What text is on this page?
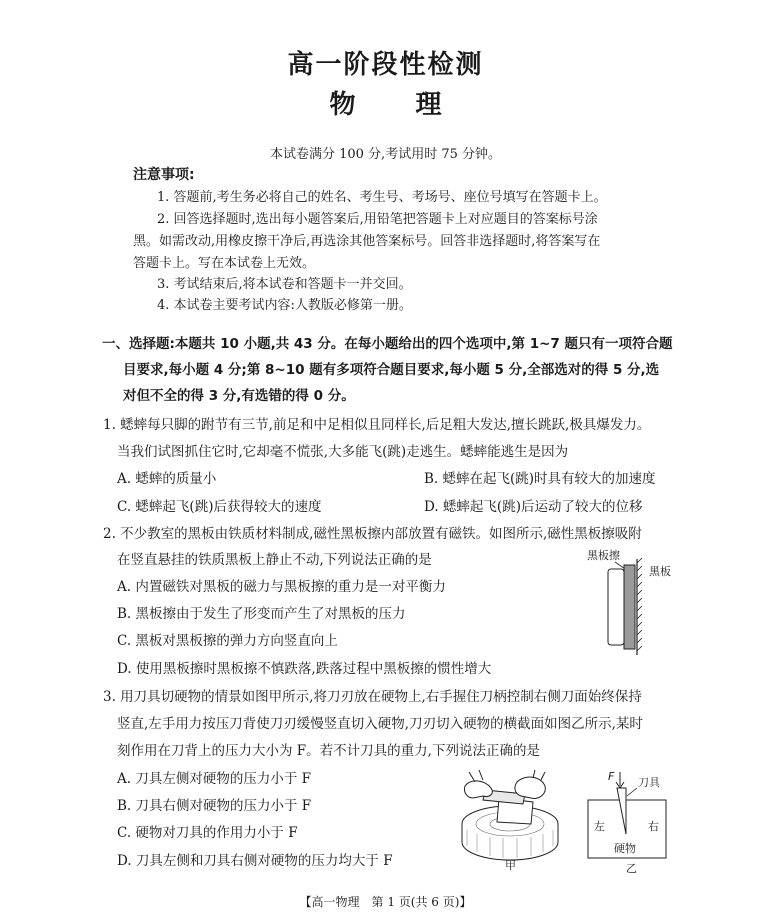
高一阶段性检测
物 理
本试卷满分 100 分,考试用时 75 分钟。
注意事项:
1. 答题前,考生务必将自己的姓名、考生号、考场号、座位号填写在答题卡上。
2. 回答选择题时,选出每小题答案后,用铅笔把答题卡上对应题目的答案标号涂
黑。如需改动,用橡皮擦干净后,再选涂其他答案标号。回答非选择题时,将答案写在
答题卡上。写在本试卷上无效。
3. 考试结束后,将本试卷和答题卡一并交回。
4. 本试卷主要考试内容:人教版必修第一册。
一、选择题:本题共 10 小题,共 43 分。在每小题给出的四个选项中,第 1~7 题只有一项符合题
目要求,每小题 4 分;第 8~10 题有多项符合题目要求,每小题 5 分,全部选对的得 5 分,选
对但不全的得 3 分,有选错的得 0 分。
1. 蟋蟀每只脚的跗节有三节,前足和中足相似且同样长,后足粗大发达,擅长跳跃,极具爆发力。
当我们试图抓住它时,它却毫不慌张,大多能飞(跳)走逃生。蟋蟀能逃生是因为
A. 蟋蟀的质量小	B. 蟋蟀在起飞(跳)时具有较大的加速度
C. 蟋蟀起飞(跳)后获得较大的速度	D. 蟋蟀起飞(跳)后运动了较大的位移
2. 不少教室的黑板由铁质材料制成,磁性黑板擦内部放置有磁铁。如图所示,磁性黑板擦吸附
在竖直悬挂的铁质黑板上静止不动,下列说法正确的是
A. 内置磁铁对黑板的磁力与黑板擦的重力是一对平衡力
B. 黑板擦由于发生了形变而产生了对黑板的压力
C. 黑板对黑板擦的弹力方向竖直向上
D. 使用黑板擦时黑板擦不慎跌落,跌落过程中黑板擦的惯性增大
黑板擦
黑板
3. 用刀具切硬物的情景如图甲所示,将刀刃放在硬物上,右手握住刀柄控制右侧刀面始终保持
竖直,左手用力按压刀背使刀刃缓慢竖直切入硬物,刀刃切入硬物的横截面如图乙所示,某时
刻作用在刀背上的压力大小为 F。若不计刀具的重力,下列说法正确的是
A. 刀具左侧对硬物的压力小于 F
B. 刀具右侧对硬物的压力小于 F
C. 硬物对刀具的作用力小于 F
D. 刀具左侧和刀具右侧对硬物的压力均大于 F	甲
F 刀具
左	右
硬物
乙
【高一物理　第 1 页(共 6 页)】
